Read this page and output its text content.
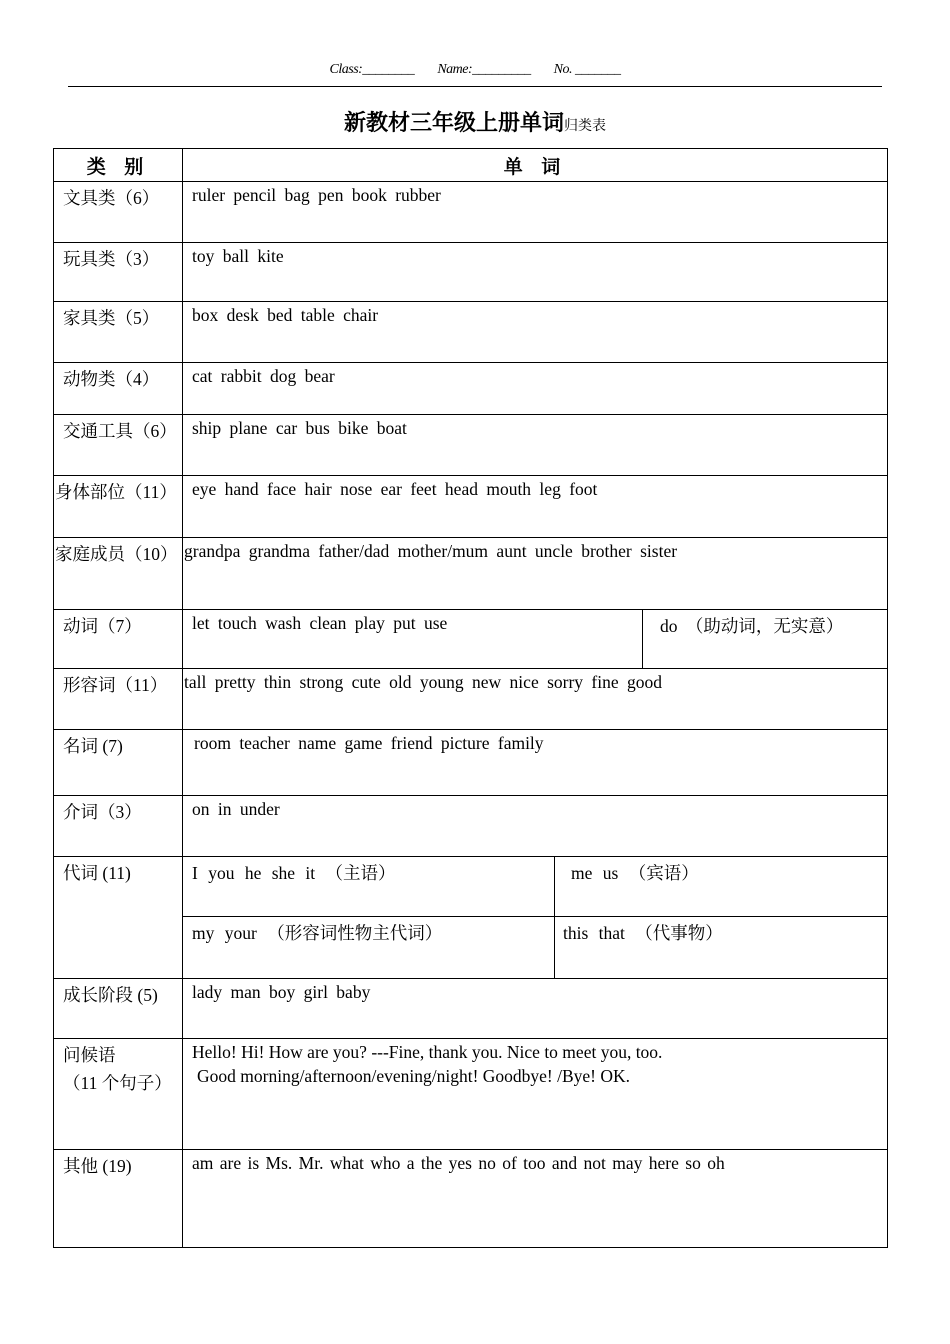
Class:________ Name:_________ No. _______
新教材三年级上册单词归类表
类 别	单 词		
文具类（6）	ruler pencil bag pen book rubber		
玩具类（3）	toy ball kite		
家具类（5）	box desk bed table chair		
动物类（4）	cat rabbit dog bear		
交通工具（6）	ship plane car bus bike boat		
身体部位（11）	eye hand face hair nose ear feet head mouth leg foot		
家庭成员（10）	grandpa grandma father/dad mother/mum aunt uncle brother sister		
动词（7）	let touch wash clean play put use		do （助动词，无实意）
形容词（11）	tall pretty thin strong cute old young new nice sorry fine good		
名词 (7)	room teacher name game friend picture family		
介词（3）	on in under		
代词 (11)	I you he she it （主语）	me us （宾语）	
	my your （形容词性物主代词）	this that （代事物）	
成长阶段 (5)	lady man boy girl baby		
问候语
（11 个句子）	Hello! Hi! How are you? ---Fine, thank you. Nice to meet you, too.
Good morning/afternoon/evening/night! Goodbye! /Bye! OK.		

其他 (19)	am are is Ms. Mr. what who a the yes no of too and not may here so oh		
